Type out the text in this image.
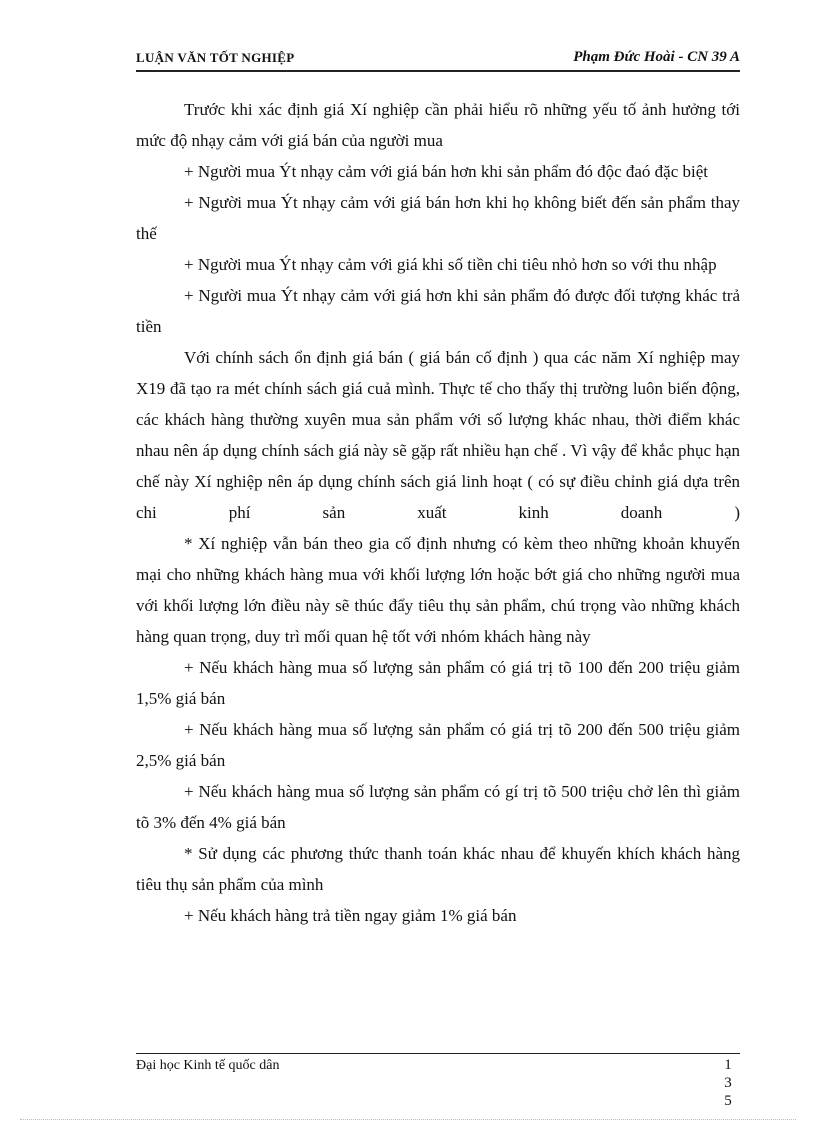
LUẬN VĂN TỐT NGHIỆP	Phạm Đức Hoài - CN 39 A

Trước khi xác định giá Xí nghiệp cần phải hiểu rõ những yếu tố ảnh hưởng tới mức độ nhạy cảm với giá bán của người mua

+ Người mua Ýt nhạy cảm với giá bán hơn khi sản phẩm đó độc đaó đặc biệt

+ Người mua Ýt nhạy cảm với giá bán hơn khi họ không biết đến sản phẩm thay thế

+ Người mua Ýt nhạy cảm với giá khi số tiền chi tiêu nhỏ hơn so với thu nhập

+ Người mua Ýt nhạy cảm với giá hơn khi sản phẩm đó được đối tượng khác trả tiền

Với chính sách ổn định giá bán ( giá bán cố định ) qua các năm Xí nghiệp may X19 đã tạo ra mét chính sách giá cuả mình. Thực tế cho thấy thị trường luôn biến động, các khách hàng thường xuyên mua sản phẩm với số lượng khác nhau, thời điểm khác nhau nên áp dụng chính sách giá này sẽ gặp rất nhiều hạn chế . Vì vậy để khắc phục hạn chế này Xí nghiệp nên áp dụng chính sách giá linh hoạt ( có sự điều chỉnh giá dựa trên chi phí sản xuất kinh doanh )

* Xí nghiệp vẫn bán theo gia cố định nhưng có kèm theo những khoản khuyến mại cho những khách hàng mua với khối lượng lớn hoặc bớt giá cho những người mua với khối lượng lớn điều này sẽ thúc đẩy tiêu thụ sản phẩm, chú trọng vào những khách hàng quan trọng, duy trì mối quan hệ tốt với nhóm khách hàng này

+ Nếu khách hàng mua số lượng sản phẩm có giá trị tõ 100 đến 200 triệu giảm 1,5% giá bán

+ Nếu khách hàng mua số lượng sản phẩm có giá trị tõ 200 đến 500 triệu giảm 2,5% giá bán

+ Nếu khách hàng mua số lượng sản phẩm có gí trị tõ 500 triệu chở lên thì giảm tõ 3% đến 4% giá bán

* Sử dụng các phương thức thanh toán khác nhau để khuyến khích khách hàng tiêu thụ sản phẩm của mình

+ Nếu khách hàng trả tiền ngay giảm 1% giá bán

Đại học Kinh tế quốc dân	1
3
5
